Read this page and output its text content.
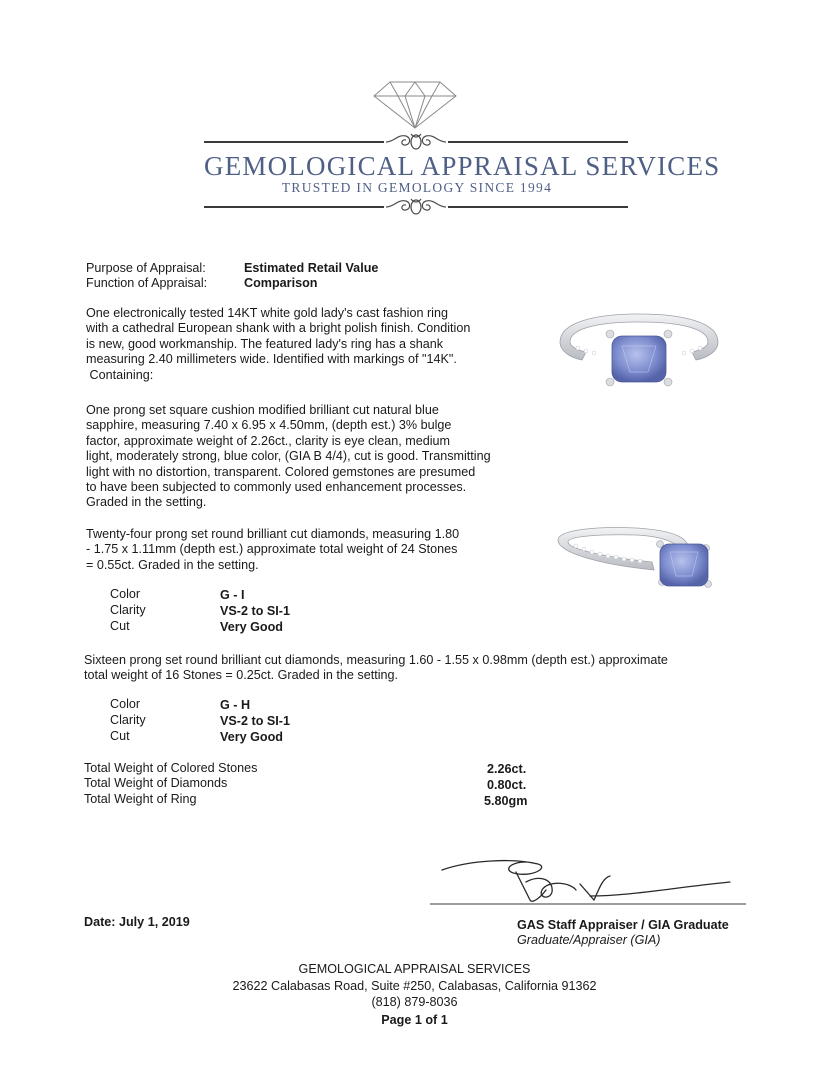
GEMOLOGICAL APPRAISAL SERVICES
TRUSTED IN GEMOLOGY SINCE 1994
Purpose of Appraisal:	Estimated Retail Value
Function of Appraisal:	Comparison
One electronically tested 14KT white gold lady's cast fashion ring
with a cathedral European shank with a bright polish finish. Condition
is new, good workmanship. The featured lady's ring has a shank
measuring 2.40 millimeters wide. Identified with markings of "14K".
Containing:
One prong set square cushion modified brilliant cut natural blue
sapphire, measuring 7.40 x 6.95 x 4.50mm, (depth est.) 3% bulge
factor, approximate weight of 2.26ct., clarity is eye clean, medium
light, moderately strong, blue color, (GIA B 4/4), cut is good. Transmitting
light with no distortion, transparent. Colored gemstones are presumed
to have been subjected to commonly used enhancement processes.
Graded in the setting.
Twenty-four prong set round brilliant cut diamonds, measuring 1.80
- 1.75 x 1.11mm (depth est.) approximate total weight of 24 Stones
= 0.55ct. Graded in the setting.
Color	G - I
Clarity	VS-2 to SI-1
Cut	Very Good
Sixteen prong set round brilliant cut diamonds, measuring 1.60 - 1.55 x 0.98mm (depth est.) approximate
total weight of 16 Stones = 0.25ct. Graded in the setting.
Color	G - H
Clarity	VS-2 to SI-1
Cut	Very Good
Total Weight of Colored Stones	2.26ct.
Total Weight of Diamonds	0.80ct.
Total Weight of Ring	5.80gm
Date: July 1, 2019	GAS Staff Appraiser / GIA Graduate
Graduate/Appraiser (GIA)
GEMOLOGICAL APPRAISAL SERVICES
23622 Calabasas Road, Suite #250, Calabasas, California 91362
(818) 879-8036
Page 1 of 1
